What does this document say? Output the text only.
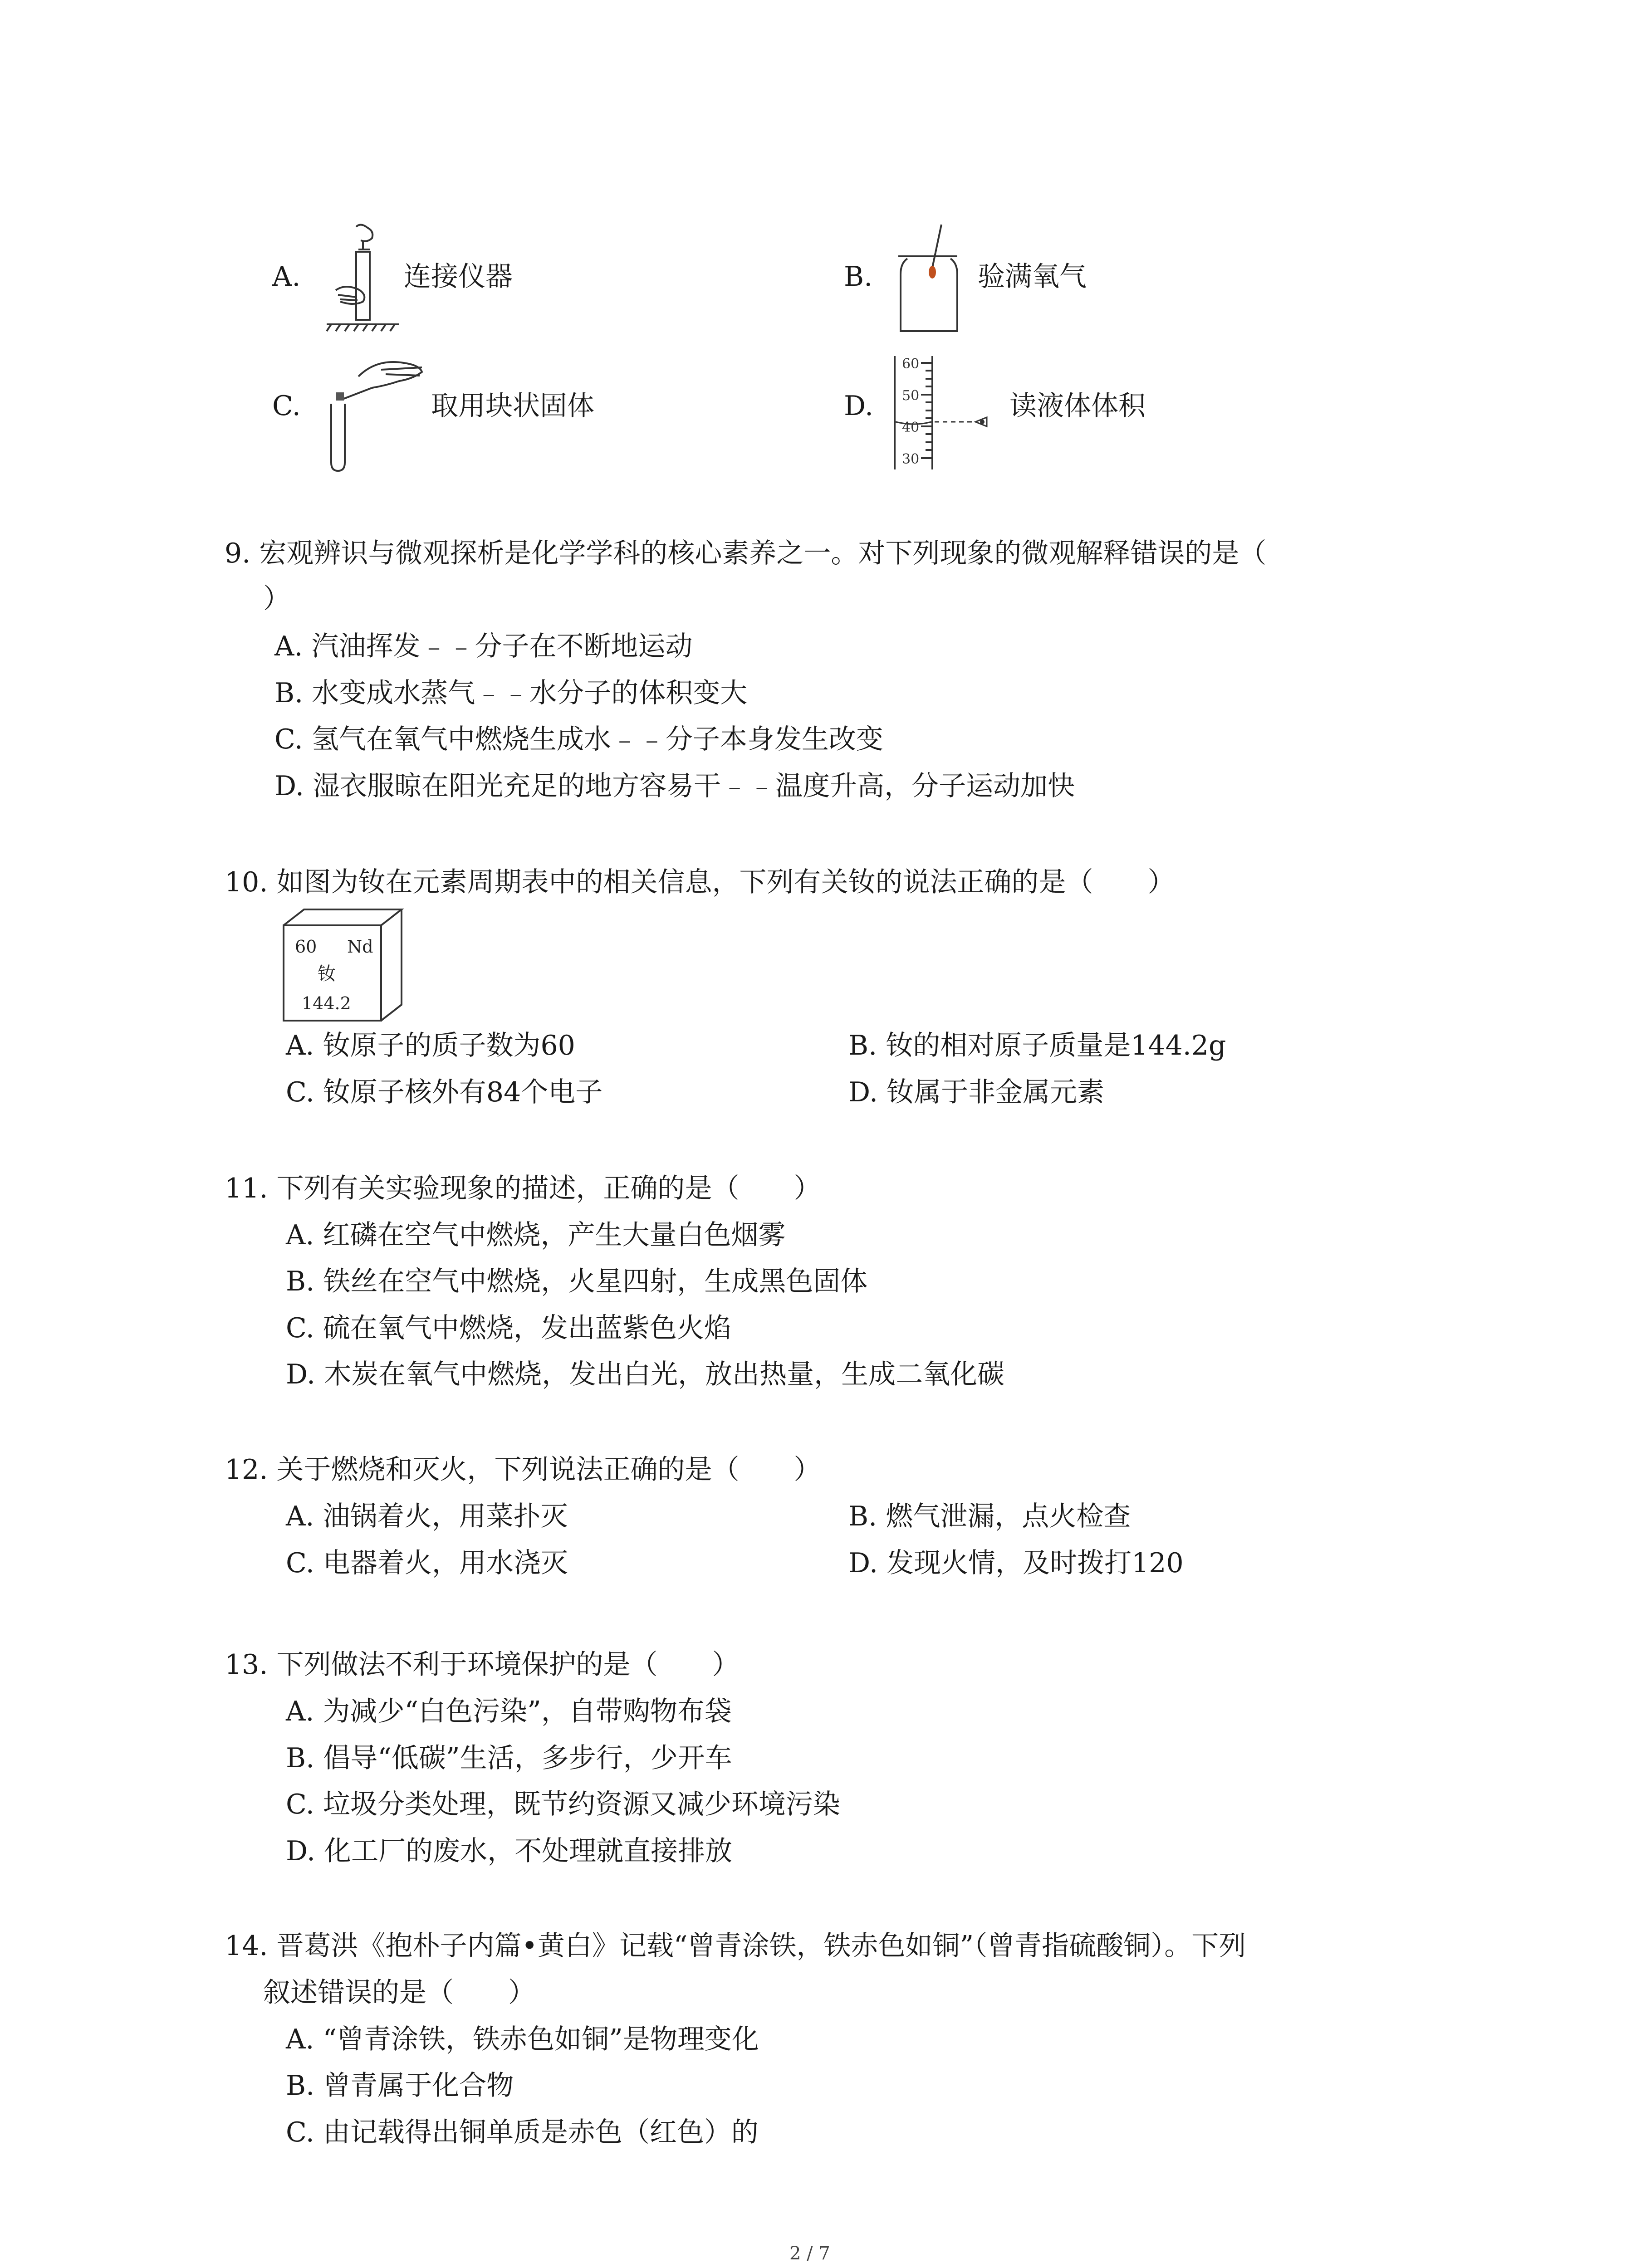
A.	连接仪器	B.	验满氧气
C.	取用块状固体	D.
60
50
40
30
读液体体积
9. 宏观辨识与微观探析是化学学科的核心素养之一。对下列现象的微观解释错误的是（
）
A. 汽油挥发﹣﹣分子在不断地运动
B. 水变成水蒸气﹣﹣水分子的体积变大
C. 氢气在氧气中燃烧生成水﹣﹣分子本身发生改变
D. 湿衣服晾在阳光充足的地方容易干﹣﹣温度升高，分子运动加快
10. 如图为钕在元素周期表中的相关信息，下列有关钕的说法正确的是（　　）
60 Nd
钕
144.2
A. 钕原子的质子数为60	B. 钕的相对原子质量是144.2g
C. 钕原子核外有84个电子	D. 钕属于非金属元素
11. 下列有关实验现象的描述，正确的是（　　）
A. 红磷在空气中燃烧，产生大量白色烟雾
B. 铁丝在空气中燃烧，火星四射，生成黑色固体
C. 硫在氧气中燃烧，发出蓝紫色火焰
D. 木炭在氧气中燃烧，发出白光，放出热量，生成二氧化碳
12. 关于燃烧和灭火，下列说法正确的是（　　）
A. 油锅着火，用菜扑灭	B. 燃气泄漏，点火检查
C. 电器着火，用水浇灭	D. 发现火情，及时拨打120
13. 下列做法不利于环境保护的是（　　）
A. 为减少“白色污染”，自带购物布袋
B. 倡导“低碳”生活，多步行，少开车
C. 垃圾分类处理，既节约资源又减少环境污染
D. 化工厂的废水，不处理就直接排放
14. 晋葛洪《抱朴子内篇•黄白》记载“曾青涂铁，铁赤色如铜”（曾青指硫酸铜）。下列
叙述错误的是（　　）
A. “曾青涂铁，铁赤色如铜”是物理变化
B. 曾青属于化合物
C. 由记载得出铜单质是赤色（红色）的
2 / 7
